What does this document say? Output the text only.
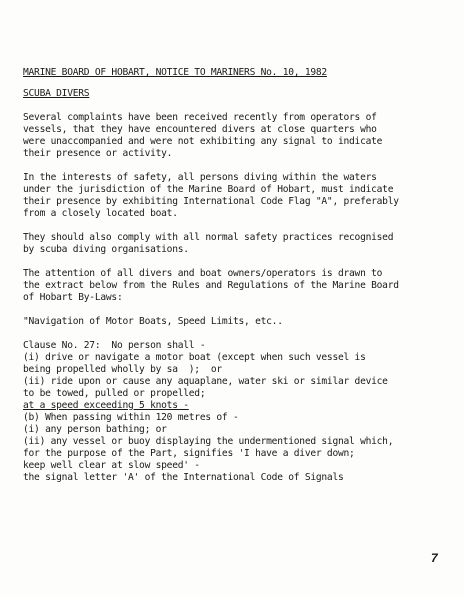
MARINE BOARD OF HOBART, NOTICE TO MARINERS No. 10, 1982
SCUBA DIVERS
Several complaints have been received recently from operators of
vessels, that they have encountered divers at close quarters who
were unaccompanied and were not exhibiting any signal to indicate
their presence or activity.
In the interests of safety, all persons diving within the waters
under the jurisdiction of the Marine Board of Hobart, must indicate
their presence by exhibiting International Code Flag "A", preferably
from a closely located boat.
They should also comply with all normal safety practices recognised
by scuba diving organisations.
The attention of all divers and boat owners/operators is drawn to
the extract below from the Rules and Regulations of the Marine Board
of Hobart By-Laws:
"Navigation of Motor Boats, Speed Limits, etc..
Clause No. 27:  No person shall -
(i) drive or navigate a motor boat (except when such vessel is
being propelled wholly by sa  );  or
(ii) ride upon or cause any aquaplane, water ski or similar device
to be towed, pulled or propelled;
at a speed exceeding 5 knots -
(b) When passing within 120 metres of -
(i) any person bathing; or
(ii) any vessel or buoy displaying the undermentioned signal which,
for the purpose of the Part, signifies 'I have a diver down;
keep well clear at slow speed' -
the signal letter 'A' of the International Code of Signals
7
